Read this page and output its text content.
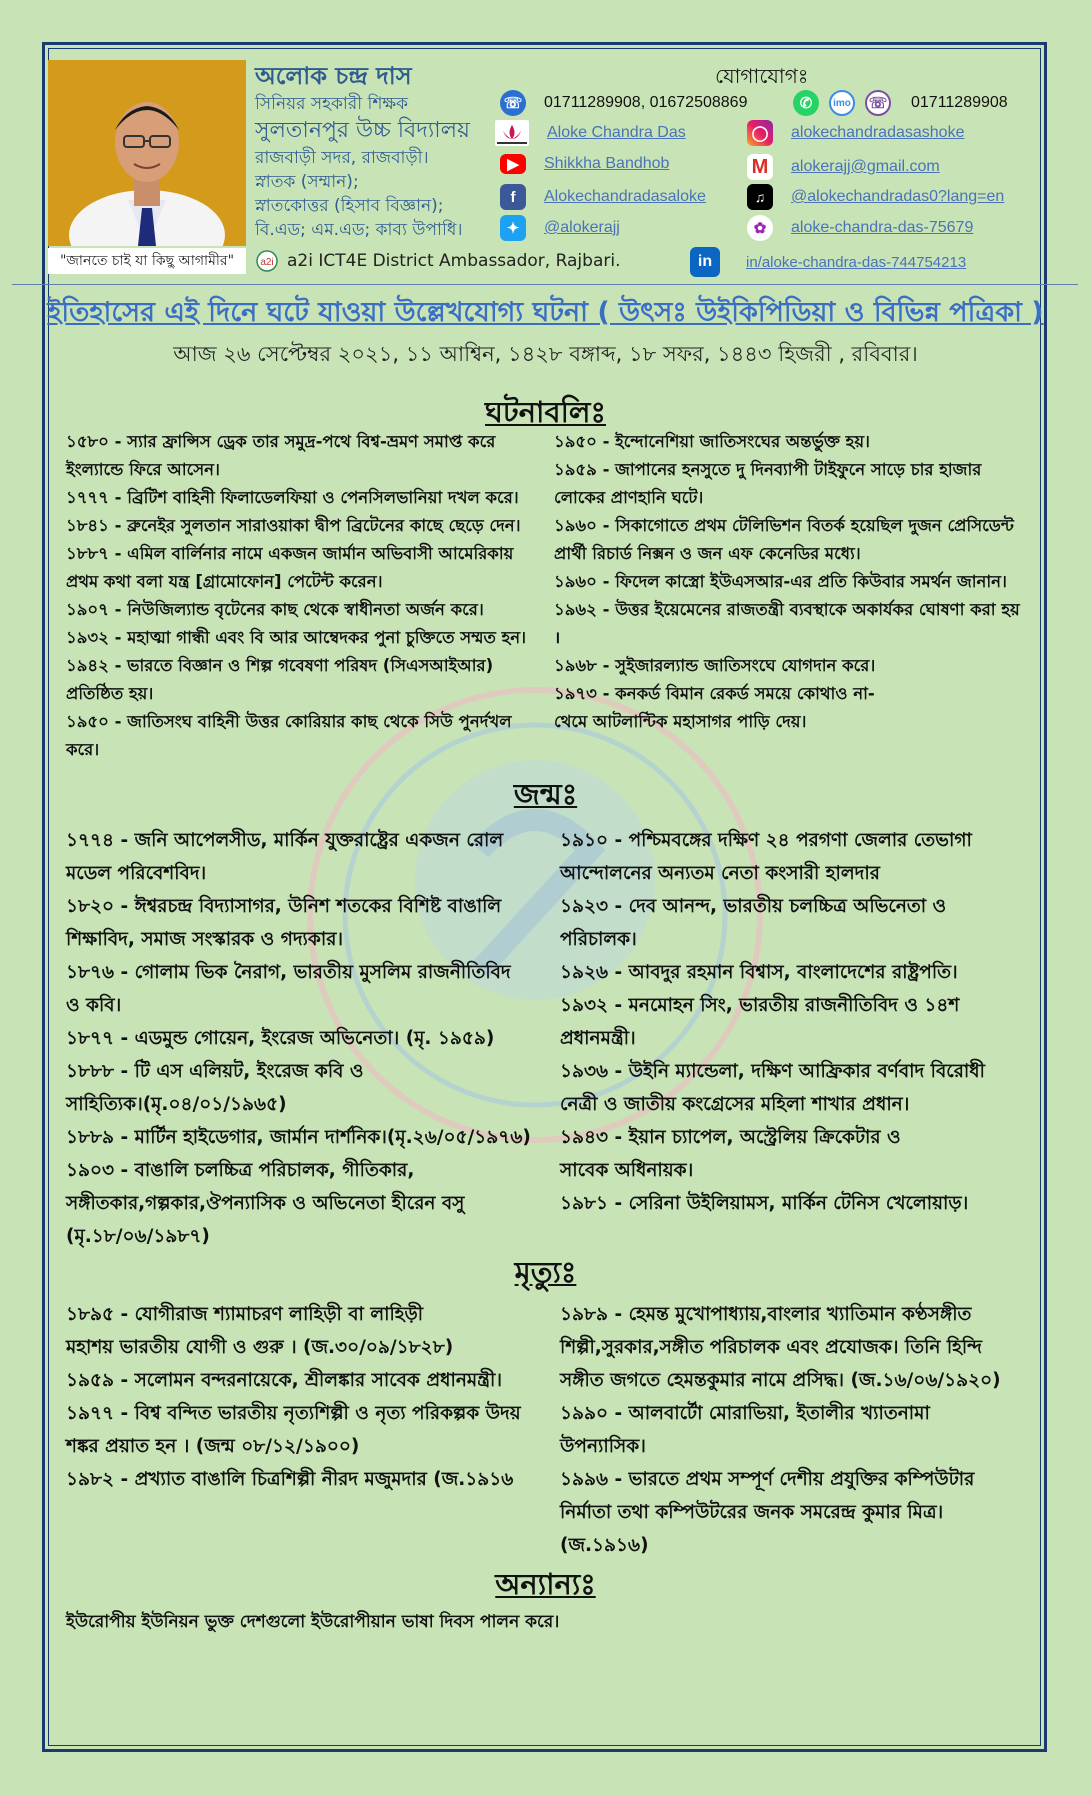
"জানতে চাই যা কিছু আগামীর"
অলোক চন্দ্র দাস
সিনিয়র সহকারী শিক্ষক
সুলতানপুর উচ্চ বিদ্যালয়
রাজবাড়ী সদর, রাজবাড়ী।
স্নাতক (সম্মান);
স্নাতকোত্তর (হিসাব বিজ্ঞান);
বি.এড; এম.এড; কাব্য উপাধি।
a2i a2i ICT4E District Ambassador, Rajbari.
যোগাযোগঃ
☏ 01711289908, 01672508869	✆	imo ☏ 01711289908
Aloke Chandra Das	◯ alokechandradasashoke
▶	Shikkha Bandhob	M alokerajj@gmail.com
f	Alokechandradasaloke	♫	@alokechandradas0?lang=en
✦	@alokerajj	✿	aloke-chandra-das-75679
in	in/aloke-chandra-das-744754213
ইতিহাসের এই দিনে ঘটে যাওয়া উল্লেখযোগ্য ঘটনা ( উৎসঃ উইকিপিডিয়া ও বিভিন্ন পত্রিকা )
আজ ২৬ সেপ্টেম্বর ২০২১, ১১ আশ্বিন, ১৪২৮ বঙ্গাব্দ, ১৮ সফর, ১৪৪৩ হিজরী , রবিবার।
ঘটনাবলিঃ

১৫৮০ - স্যার ফ্রান্সিস ড্রেক তার সমুদ্র-পথে বিশ্ব-ভ্রমণ সমাপ্ত করে

ইংল্যান্ডে ফিরে আসেন।

১৭৭৭ - ব্রিটিশ বাহিনী ফিলাডেলফিয়া ও পেনসিলভানিয়া দখল করে।

১৮৪১ - ব্রুনেইর সুলতান সারাওয়াকা দ্বীপ ব্রিটেনের কাছে ছেড়ে দেন।

১৮৮৭ - এমিল বার্লিনার নামে একজন জার্মান অভিবাসী আমেরিকায়

প্রথম কথা বলা যন্ত্র [গ্রামোফোন] পেটেন্ট করেন।

১৯০৭ - নিউজিল্যান্ড বৃটেনের কাছ থেকে স্বাধীনতা অর্জন করে।

১৯৩২ - মহাত্মা গান্ধী এবং বি আর আম্বেদকর পুনা চুক্তিতে সম্মত হন।

১৯৪২ - ভারতে বিজ্ঞান ও শিল্প গবেষণা পরিষদ (সিএসআইআর)

প্রতিষ্ঠিত হয়।

১৯৫০ - জাতিসংঘ বাহিনী উত্তর কোরিয়ার কাছ থেকে সিউ পুনর্দখল

করে।

১৯৫০ - ইন্দোনেশিয়া জাতিসংঘের অন্তর্ভুক্ত হয়।

১৯৫৯ - জাপানের হনসুতে দু দিনব্যাপী টাইফুনে সাড়ে চার হাজার

লোকের প্রাণহানি ঘটে।

১৯৬০ - সিকাগোতে প্রথম টেলিভিশন বিতর্ক হয়েছিল দুজন প্রেসিডেন্ট

প্রার্থী রিচার্ড নিক্সন ও জন এফ কেনেডির মধ্যে।

১৯৬০ - ফিদেল কাস্ত্রো ইউএসআর-এর প্রতি কিউবার সমর্থন জানান।

১৯৬২ - উত্তর ইয়েমেনের রাজতন্ত্রী ব্যবস্থাকে অকার্যকর ঘোষণা করা হয়

।

১৯৬৮ - সুইজারল্যান্ড জাতিসংঘে যোগদান করে।

১৯৭৩ - কনকর্ড বিমান রেকর্ড সময়ে কোথাও না-

থেমে আটলান্টিক মহাসাগর পাড়ি দেয়।

জন্মঃ

১৭৭৪ - জনি আপেলসীড, মার্কিন যুক্তরাষ্ট্রের একজন রোল

মডেল পরিবেশবিদ।

১৮২০ - ঈশ্বরচন্দ্র বিদ্যাসাগর, উনিশ শতকের বিশিষ্ট বাঙালি

শিক্ষাবিদ, সমাজ সংস্কারক ও গদ্যকার।

১৮৭৬ - গোলাম ভিক নৈরাগ, ভারতীয় মুসলিম রাজনীতিবিদ

ও কবি।

১৮৭৭ - এডমুন্ড গোয়েন, ইংরেজ অভিনেতা। (মৃ. ১৯৫৯)

১৮৮৮ - টি এস এলিয়ট, ইংরেজ কবি ও

সাহিত্যিক।(মৃ.০৪/০১/১৯৬৫)

১৮৮৯ - মার্টিন হাইডেগার, জার্মান দার্শনিক।(মৃ.২৬/০৫/১৯৭৬)

১৯০৩ - বাঙালি চলচ্চিত্র পরিচালক, গীতিকার,

সঙ্গীতকার,গল্পকার,ঔপন্যাসিক ও অভিনেতা হীরেন বসু

(মৃ.১৮/০৬/১৯৮৭)

১৯১০ - পশ্চিমবঙ্গের দক্ষিণ ২৪ পরগণা জেলার তেভাগা

আন্দোলনের অন্যতম নেতা কংসারী হালদার

১৯২৩ - দেব আনন্দ, ভারতীয় চলচ্চিত্র অভিনেতা ও

পরিচালক।

১৯২৬ - আবদুর রহমান বিশ্বাস, বাংলাদেশের রাষ্ট্রপতি।

১৯৩২ - মনমোহন সিং, ভারতীয় রাজনীতিবিদ ও ১৪শ

প্রধানমন্ত্রী।

১৯৩৬ - উইনি ম্যান্ডেলা, দক্ষিণ আফ্রিকার বর্ণবাদ বিরোধী

নেত্রী ও জাতীয় কংগ্রেসের মহিলা শাখার প্রধান।

১৯৪৩ - ইয়ান চ্যাপেল, অস্ট্রেলিয় ক্রিকেটার ও

সাবেক অধিনায়ক।

১৯৮১ - সেরিনা উইলিয়ামস, মার্কিন টেনিস খেলোয়াড়।

মৃত্যুঃ

১৮৯৫ - যোগীরাজ শ্যামাচরণ লাহিড়ী বা লাহিড়ী

মহাশয় ভারতীয় যোগী ও গুরু । (জ.৩০/০৯/১৮২৮)

১৯৫৯ - সলোমন বন্দরনায়েকে, শ্রীলঙ্কার সাবেক প্রধানমন্ত্রী।

১৯৭৭ - বিশ্ব বন্দিত ভারতীয় নৃত্যশিল্পী ও নৃত্য পরিকল্পক উদয়

শঙ্কর প্রয়াত হন । (জন্ম ০৮/১২/১৯০০)

১৯৮২ - প্রখ্যাত বাঙালি চিত্রশিল্পী নীরদ মজুমদার (জ.১৯১৬

১৯৮৯ - হেমন্ত মুখোপাধ্যায়,বাংলার খ্যাতিমান কণ্ঠসঙ্গীত

শিল্পী,সুরকার,সঙ্গীত পরিচালক এবং প্রযোজক। তিনি হিন্দি

সঙ্গীত জগতে হেমন্তকুমার নামে প্রসিদ্ধ। (জ.১৬/০৬/১৯২০)

১৯৯০ - আলবার্টো মোরাভিয়া, ইতালীর খ্যাতনামা

উপন্যাসিক।

১৯৯৬ - ভারতে প্রথম সম্পূর্ণ দেশীয় প্রযুক্তির কম্পিউটার

নির্মাতা তথা কম্পিউটরের জনক সমরেন্দ্র কুমার মিত্র।

(জ.১৯১৬)

অন্যান্যঃ

ইউরোপীয় ইউনিয়ন ভুক্ত দেশগুলো ইউরোপীয়ান ভাষা দিবস পালন করে।
